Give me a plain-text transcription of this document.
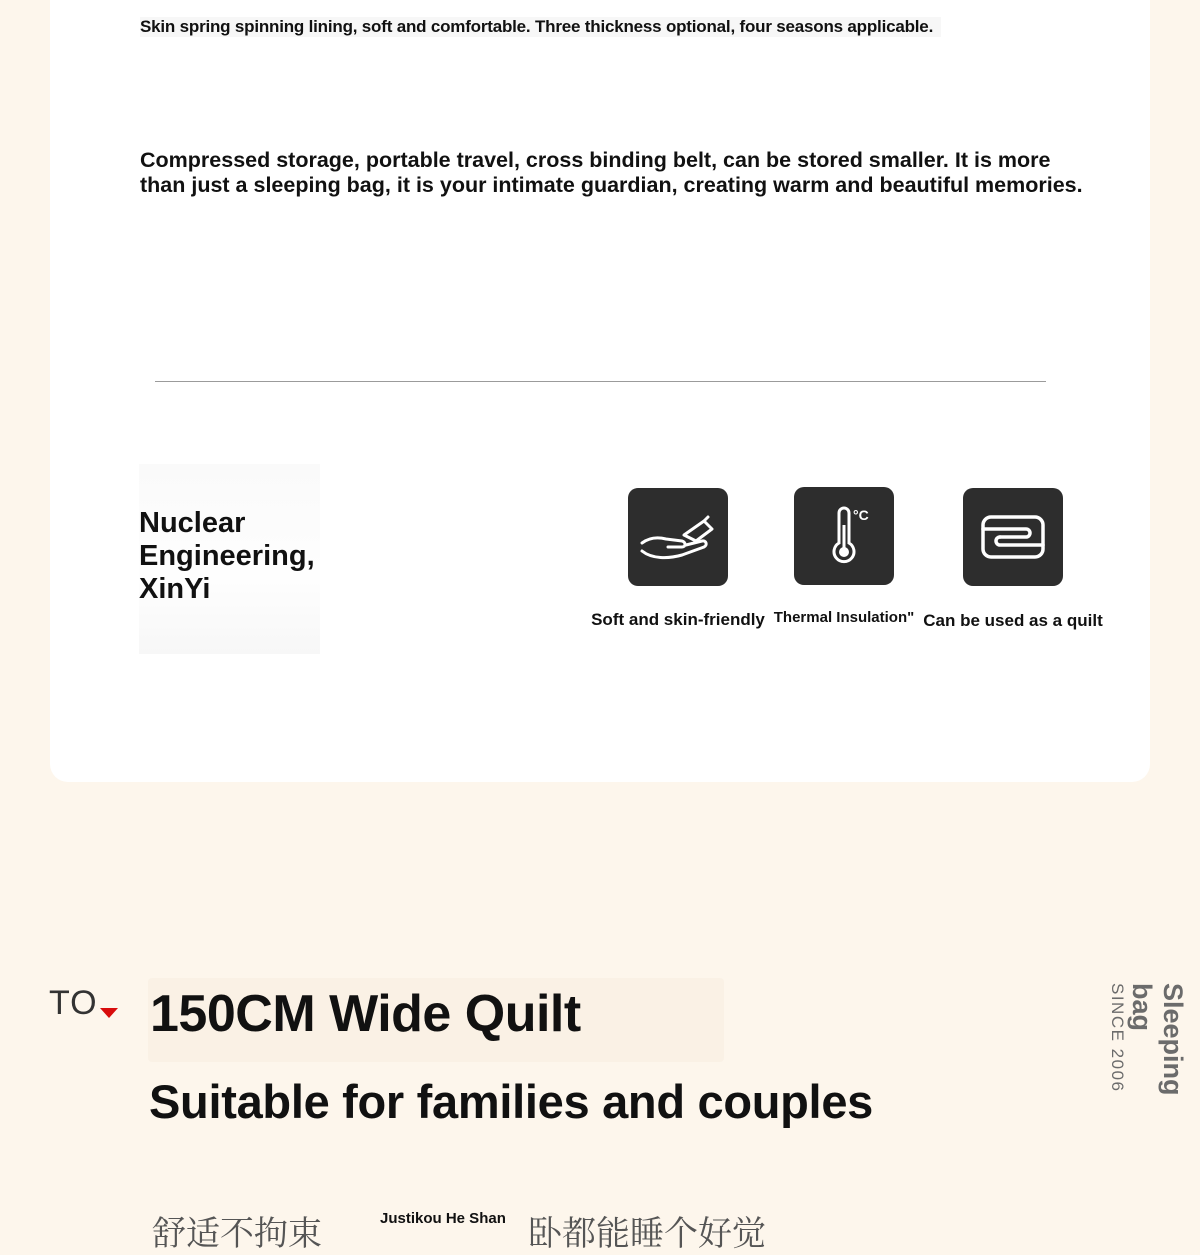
Skin spring spinning lining, soft and comfortable. Three thickness optional, four seasons applicable.
Compressed storage, portable travel, cross binding belt, can be stored smaller. It is more than just a sleeping bag, it is your intimate guardian, creating warm and beautiful memories.
Nuclear Engineering, XinYi
Soft and skin-friendly
°C
Thermal Insulation" Can be used as a quilt
TO 150CM Wide Quilt
Suitable for families and couples
SINCE 2006	Sleeping bag
舒适不拘束	Justikou He Shan 卧都能睡个好觉
